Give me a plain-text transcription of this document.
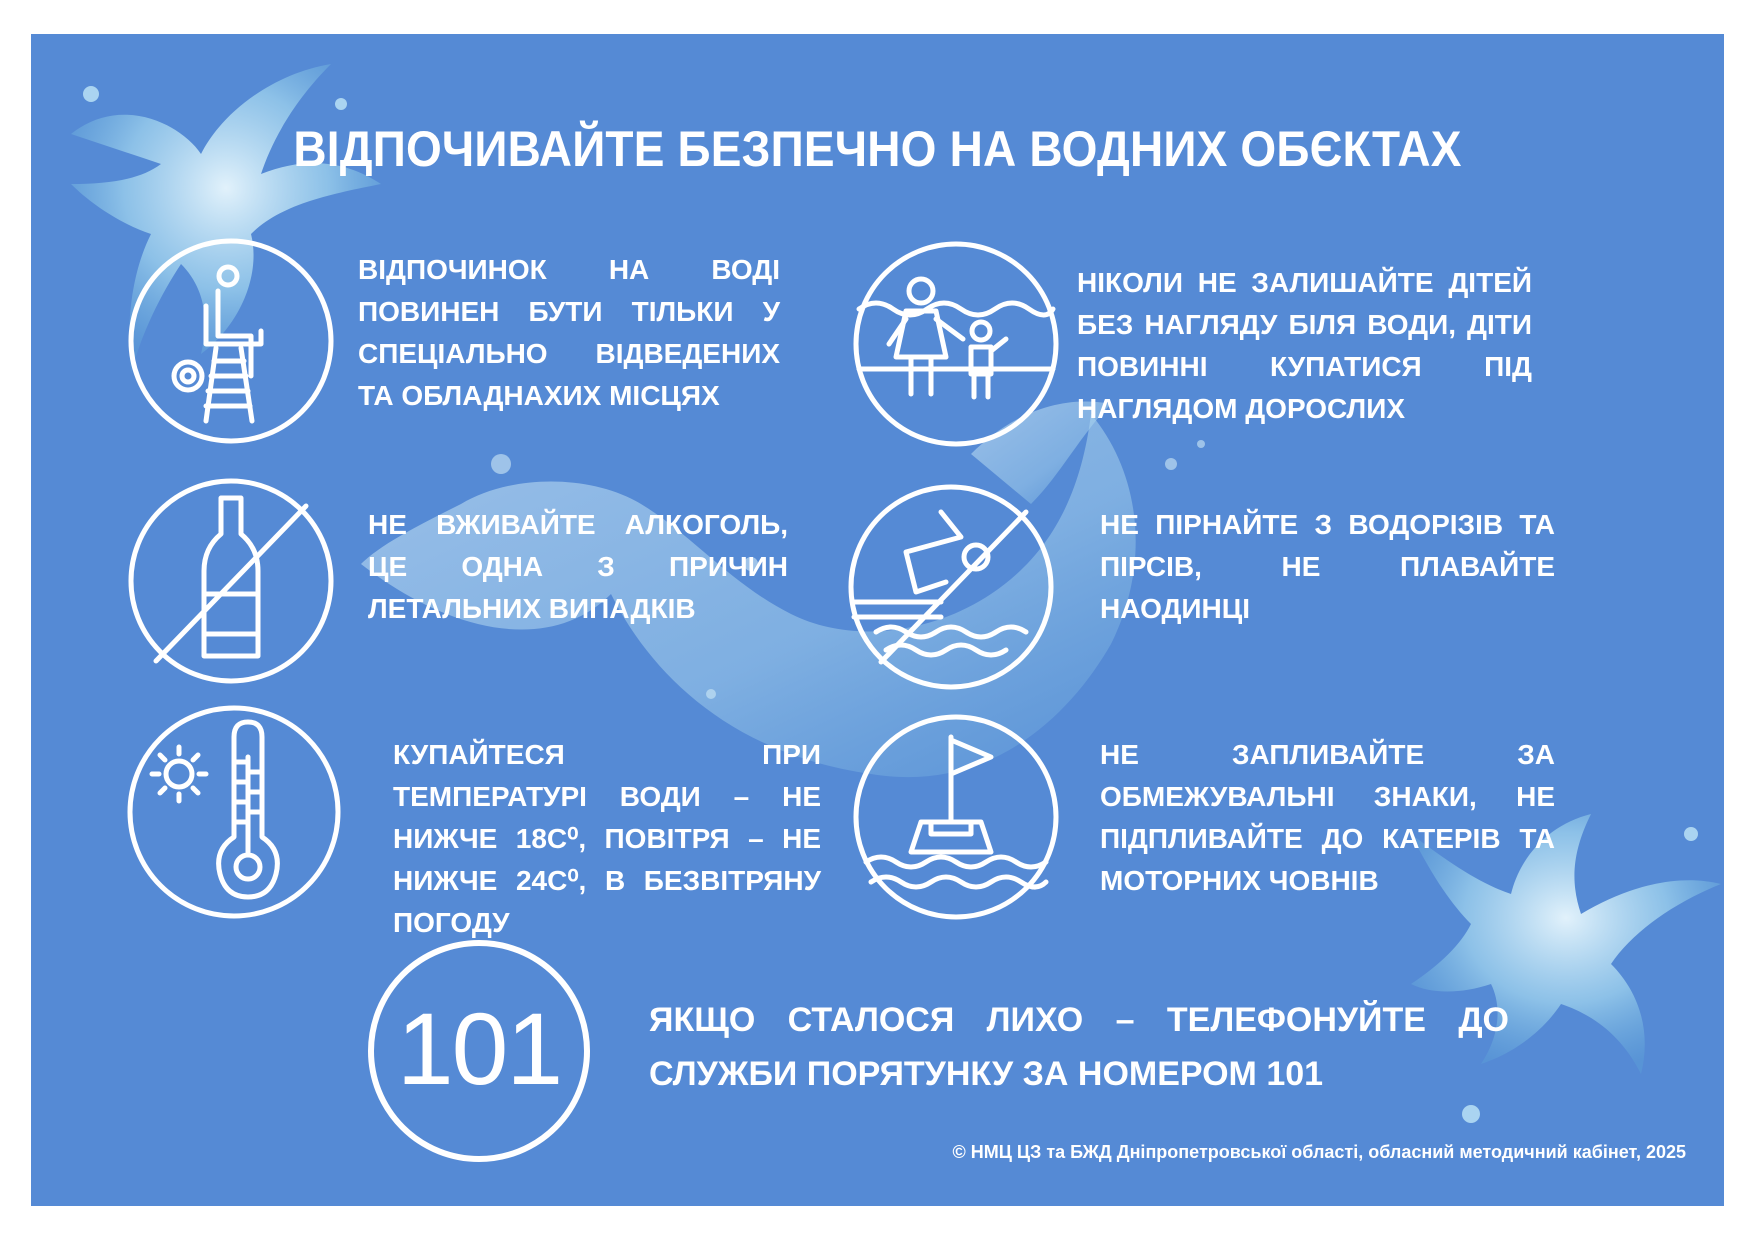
ВІДПОЧИВАЙТЕ БЕЗПЕЧНО НА ВОДНИХ ОБЄКТАХ
ВІДПОЧИНОК НА ВОДІ ПОВИНЕН БУТИ ТІЛЬКИ У СПЕЦІАЛЬНО ВІДВЕДЕНИХ ТА ОБЛАДНАХИХ МІСЦЯХ
НІКОЛИ НЕ ЗАЛИШАЙТЕ ДІТЕЙ БЕЗ НАГЛЯДУ БІЛЯ ВОДИ, ДІТИ ПОВИННІ КУПАТИСЯ ПІД НАГЛЯДОМ ДОРОСЛИХ
НЕ ВЖИВАЙТЕ АЛКОГОЛЬ, ЦЕ ОДНА З ПРИЧИН ЛЕТАЛЬНИХ ВИПАДКІВ
НЕ ПІРНАЙТЕ З ВОДОРІЗІВ ТА ПІРСІВ, НЕ ПЛАВАЙТЕ НАОДИНЦІ
КУПАЙТЕСЯ ПРИ ТЕМПЕРАТУРІ ВОДИ – НЕ НИЖЧЕ 18С⁰, ПОВІТРЯ – НЕ НИЖЧЕ 24С⁰, В БЕЗВІТРЯНУ ПОГОДУ
НЕ ЗАПЛИВАЙТЕ ЗА ОБМЕЖУВАЛЬНІ ЗНАКИ, НЕ ПІДПЛИВАЙТЕ ДО КАТЕРІВ ТА МОТОРНИХ ЧОВНІВ
101	ЯКЩО СТАЛОСЯ ЛИХО – ТЕЛЕФОНУЙТЕ ДО СЛУЖБИ ПОРЯТУНКУ ЗА НОМЕРОМ 101
© НМЦ ЦЗ та БЖД Дніпропетровської області, обласний методичний кабінет, 2025
